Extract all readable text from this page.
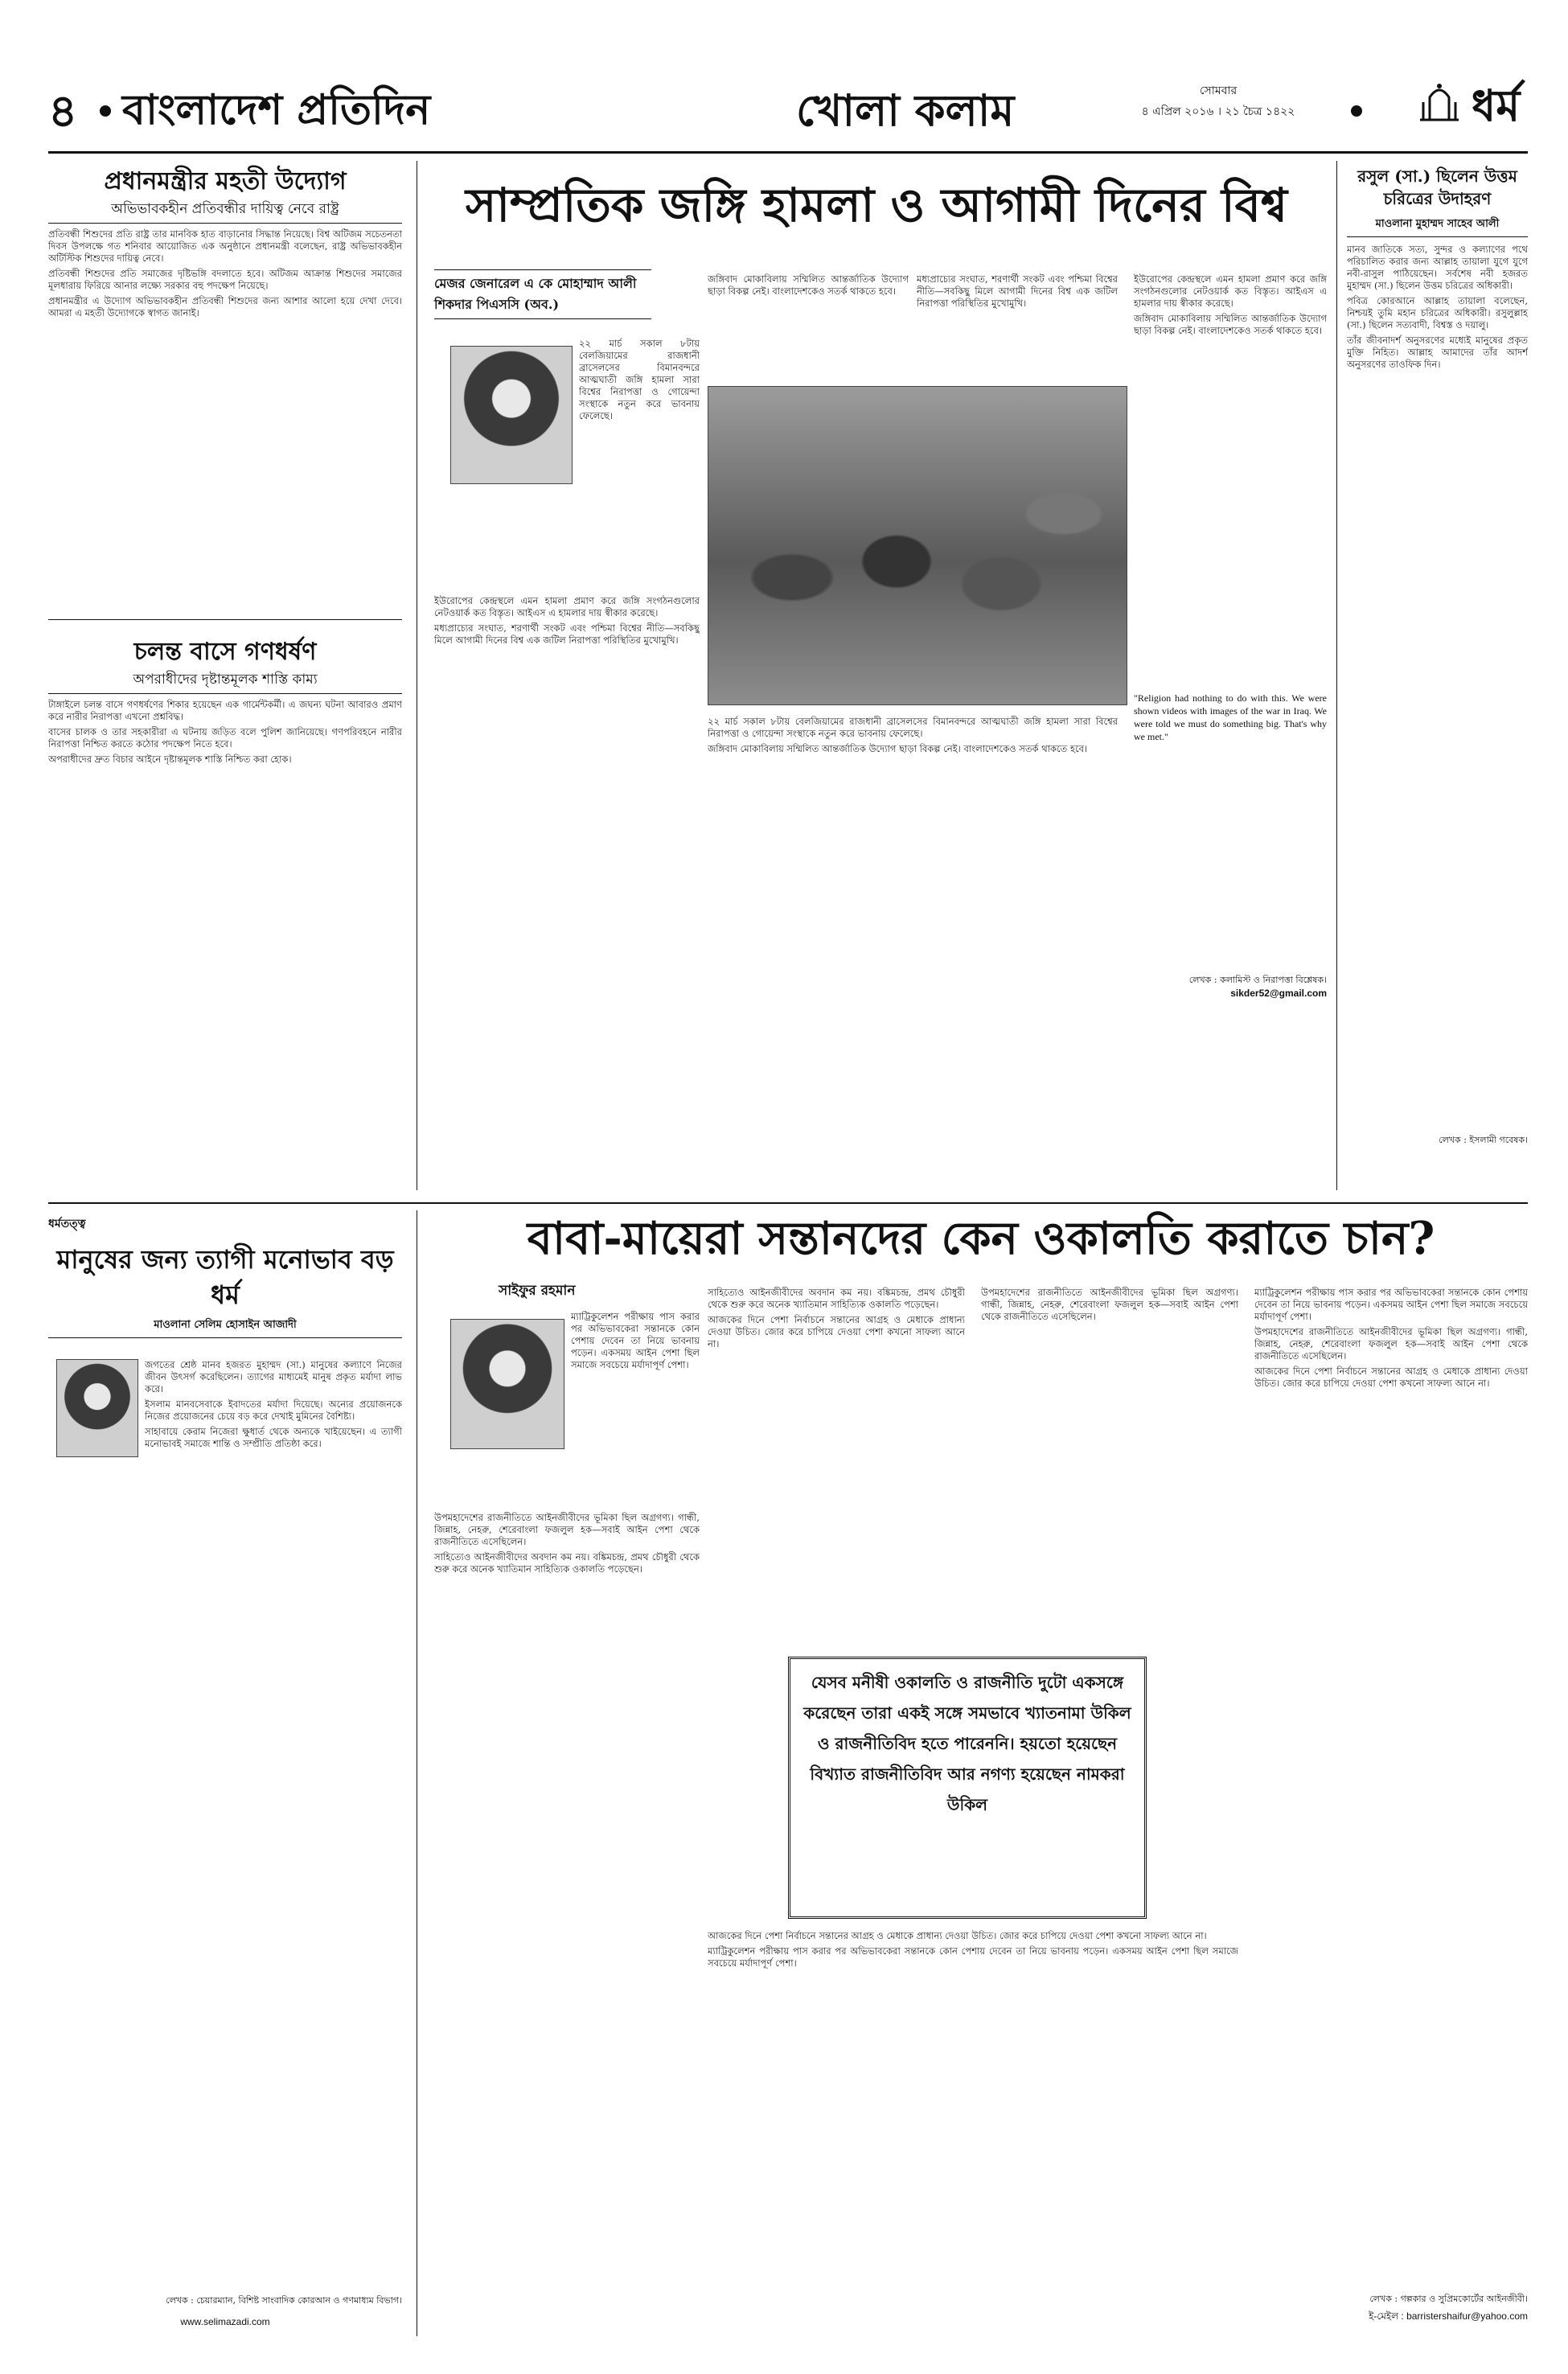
৪ বাংলাদেশ প্রতিদিন	খোলা কলাম	সোমবার
৪ এপ্রিল ২০১৬ । ২১ চৈত্র ১৪২২	ধর্ম
প্রধানমন্ত্রীর মহতী উদ্যোগ
অভিভাবকহীন প্রতিবন্ধীর দায়িত্ব নেবে রাষ্ট্র

প্রতিবন্ধী শিশুদের প্রতি রাষ্ট্র তার মানবিক হাত বাড়ানোর সিদ্ধান্ত নিয়েছে। বিশ্ব অটিজম সচেতনতা দিবস উপলক্ষে গত শনিবার আয়োজিত এক অনুষ্ঠানে প্রধানমন্ত্রী বলেছেন, রাষ্ট্র অভিভাবকহীন অটিস্টিক শিশুদের দায়িত্ব নেবে।

প্রতিবন্ধী শিশুদের প্রতি সমাজের দৃষ্টিভঙ্গি বদলাতে হবে। অটিজম আক্রান্ত শিশুদের সমাজের মূলধারায় ফিরিয়ে আনার লক্ষ্যে সরকার বহু পদক্ষেপ নিয়েছে।

প্রধানমন্ত্রীর এ উদ্যোগ অভিভাবকহীন প্রতিবন্ধী শিশুদের জন্য আশার আলো হয়ে দেখা দেবে। আমরা এ মহতী উদ্যোগকে স্বাগত জানাই।

চলন্ত বাসে গণধর্ষণ
অপরাধীদের দৃষ্টান্তমূলক শাস্তি কাম্য

টাঙ্গাইলে চলন্ত বাসে গণধর্ষণের শিকার হয়েছেন এক গার্মেন্টকর্মী। এ জঘন্য ঘটনা আবারও প্রমাণ করে নারীর নিরাপত্তা এখনো প্রশ্নবিদ্ধ।

বাসের চালক ও তার সহকারীরা এ ঘটনায় জড়িত বলে পুলিশ জানিয়েছে। গণপরিবহনে নারীর নিরাপত্তা নিশ্চিত করতে কঠোর পদক্ষেপ নিতে হবে।

অপরাধীদের দ্রুত বিচার আইনে দৃষ্টান্তমূলক শাস্তি নিশ্চিত করা হোক।

সাম্প্রতিক জঙ্গি হামলা ও আগামী দিনের বিশ্ব
মেজর জেনারেল এ কে মোহাম্মাদ আলী শিকদার পিএসসি (অব.)

২২ মার্চ সকাল ৮টায় বেলজিয়ামের রাজধানী ব্রাসেলসের বিমানবন্দরে আত্মঘাতী জঙ্গি হামলা সারা বিশ্বের নিরাপত্তা ও গোয়েন্দা সংস্থাকে নতুন করে ভাবনায় ফেলেছে।

ইউরোপের কেন্দ্রস্থলে এমন হামলা প্রমাণ করে জঙ্গি সংগঠনগুলোর নেটওয়ার্ক কত বিস্তৃত। আইএস এ হামলার দায় স্বীকার করেছে।

মধ্যপ্রাচ্যের সংঘাত, শরণার্থী সংকট এবং পশ্চিমা বিশ্বের নীতি—সবকিছু মিলে আগামী দিনের বিশ্ব এক জটিল নিরাপত্তা পরিস্থিতির মুখোমুখি।

জঙ্গিবাদ মোকাবিলায় সম্মিলিত আন্তর্জাতিক উদ্যোগ ছাড়া বিকল্প নেই। বাংলাদেশকেও সতর্ক থাকতে হবে।

মধ্যপ্রাচ্যের সংঘাত, শরণার্থী সংকট এবং পশ্চিমা বিশ্বের নীতি—সবকিছু মিলে আগামী দিনের বিশ্ব এক জটিল নিরাপত্তা পরিস্থিতির মুখোমুখি।

ইউরোপের কেন্দ্রস্থলে এমন হামলা প্রমাণ করে জঙ্গি সংগঠনগুলোর নেটওয়ার্ক কত বিস্তৃত। আইএস এ হামলার দায় স্বীকার করেছে।

জঙ্গিবাদ মোকাবিলায় সম্মিলিত আন্তর্জাতিক উদ্যোগ ছাড়া বিকল্প নেই। বাংলাদেশকেও সতর্ক থাকতে হবে।

২২ মার্চ সকাল ৮টায় বেলজিয়ামের রাজধানী ব্রাসেলসের বিমানবন্দরে আত্মঘাতী জঙ্গি হামলা সারা বিশ্বের নিরাপত্তা ও গোয়েন্দা সংস্থাকে নতুন করে ভাবনায় ফেলেছে।

জঙ্গিবাদ মোকাবিলায় সম্মিলিত আন্তর্জাতিক উদ্যোগ ছাড়া বিকল্প নেই। বাংলাদেশকেও সতর্ক থাকতে হবে।

"Religion had nothing to do with this. We were shown videos with images of the war in Iraq. We were told we must do something big. That's why we met."
লেখক : কলামিস্ট ও নিরাপত্তা বিশ্লেষক।
sikder52@gmail.com
রসুল (সা.) ছিলেন উত্তম চরিত্রের উদাহরণ
মাওলানা মুহাম্মদ সাহেব আলী

মানব জাতিকে সত্য, সুন্দর ও কল্যাণের পথে পরিচালিত করার জন্য আল্লাহ তায়ালা যুগে যুগে নবী-রাসুল পাঠিয়েছেন। সর্বশেষ নবী হজরত মুহাম্মদ (সা.) ছিলেন উত্তম চরিত্রের অধিকারী।

পবিত্র কোরআনে আল্লাহ তায়ালা বলেছেন, নিশ্চয়ই তুমি মহান চরিত্রের অধিকারী। রসুলুল্লাহ (সা.) ছিলেন সত্যবাদী, বিশ্বস্ত ও দয়ালু।

তাঁর জীবনাদর্শ অনুসরণের মধ্যেই মানুষের প্রকৃত মুক্তি নিহিত। আল্লাহ আমাদের তাঁর আদর্শ অনুসরণের তাওফিক দিন।

লেখক : ইসলামী গবেষক।
ধর্মতত্ত্ব
মানুষের জন্য ত্যাগী মনোভাব বড় ধর্ম
মাওলানা সেলিম হোসাইন আজাদী

জগতের শ্রেষ্ঠ মানব হজরত মুহাম্মদ (সা.) মানুষের কল্যাণে নিজের জীবন উৎসর্গ করেছিলেন। ত্যাগের মাধ্যমেই মানুষ প্রকৃত মর্যাদা লাভ করে।

ইসলাম মানবসেবাকে ইবাদতের মর্যাদা দিয়েছে। অন্যের প্রয়োজনকে নিজের প্রয়োজনের চেয়ে বড় করে দেখাই মুমিনের বৈশিষ্ট্য।

সাহাবায়ে কেরাম নিজেরা ক্ষুধার্ত থেকে অন্যকে খাইয়েছেন। এ ত্যাগী মনোভাবই সমাজে শান্তি ও সম্প্রীতি প্রতিষ্ঠা করে।

লেখক : চেয়ারম্যান, বিশিষ্ট সাংবাদিক কোরআন ও গণমাধ্যম বিভাগ।
www.selimazadi.com
বাবা-মায়েরা সন্তানদের কেন ওকালতি করাতে চান?
সাইফুর রহমান

ম্যাট্রিকুলেশন পরীক্ষায় পাস করার পর অভিভাবকেরা সন্তানকে কোন পেশায় দেবেন তা নিয়ে ভাবনায় পড়েন। একসময় আইন পেশা ছিল সমাজে সবচেয়ে মর্যাদাপূর্ণ পেশা।

উপমহাদেশের রাজনীতিতে আইনজীবীদের ভূমিকা ছিল অগ্রগণ্য। গান্ধী, জিন্নাহ, নেহরু, শেরেবাংলা ফজলুল হক—সবাই আইন পেশা থেকে রাজনীতিতে এসেছিলেন।

সাহিত্যেও আইনজীবীদের অবদান কম নয়। বঙ্কিমচন্দ্র, প্রমথ চৌধুরী থেকে শুরু করে অনেক খ্যাতিমান সাহিত্যিক ওকালতি পড়েছেন।

সাহিত্যেও আইনজীবীদের অবদান কম নয়। বঙ্কিমচন্দ্র, প্রমথ চৌধুরী থেকে শুরু করে অনেক খ্যাতিমান সাহিত্যিক ওকালতি পড়েছেন।

আজকের দিনে পেশা নির্বাচনে সন্তানের আগ্রহ ও মেধাকে প্রাধান্য দেওয়া উচিত। জোর করে চাপিয়ে দেওয়া পেশা কখনো সাফল্য আনে না।

উপমহাদেশের রাজনীতিতে আইনজীবীদের ভূমিকা ছিল অগ্রগণ্য। গান্ধী, জিন্নাহ, নেহরু, শেরেবাংলা ফজলুল হক—সবাই আইন পেশা থেকে রাজনীতিতে এসেছিলেন।

যেসব মনীষী ওকালতি ও রাজনীতি দুটো একসঙ্গে করেছেন তারা একই সঙ্গে সমভাবে খ্যাতনামা উকিল ও রাজনীতিবিদ হতে পারেননি। হয়তো হয়েছেন বিখ্যাত রাজনীতিবিদ আর নগণ্য হয়েছেন নামকরা উকিল

আজকের দিনে পেশা নির্বাচনে সন্তানের আগ্রহ ও মেধাকে প্রাধান্য দেওয়া উচিত। জোর করে চাপিয়ে দেওয়া পেশা কখনো সাফল্য আনে না।

ম্যাট্রিকুলেশন পরীক্ষায় পাস করার পর অভিভাবকেরা সন্তানকে কোন পেশায় দেবেন তা নিয়ে ভাবনায় পড়েন। একসময় আইন পেশা ছিল সমাজে সবচেয়ে মর্যাদাপূর্ণ পেশা।

ম্যাট্রিকুলেশন পরীক্ষায় পাস করার পর অভিভাবকেরা সন্তানকে কোন পেশায় দেবেন তা নিয়ে ভাবনায় পড়েন। একসময় আইন পেশা ছিল সমাজে সবচেয়ে মর্যাদাপূর্ণ পেশা।

উপমহাদেশের রাজনীতিতে আইনজীবীদের ভূমিকা ছিল অগ্রগণ্য। গান্ধী, জিন্নাহ, নেহরু, শেরেবাংলা ফজলুল হক—সবাই আইন পেশা থেকে রাজনীতিতে এসেছিলেন।

আজকের দিনে পেশা নির্বাচনে সন্তানের আগ্রহ ও মেধাকে প্রাধান্য দেওয়া উচিত। জোর করে চাপিয়ে দেওয়া পেশা কখনো সাফল্য আনে না।

লেখক : গল্পকার ও সুপ্রিমকোর্টের আইনজীবী।
ই-মেইল : barristershaifur@yahoo.com
